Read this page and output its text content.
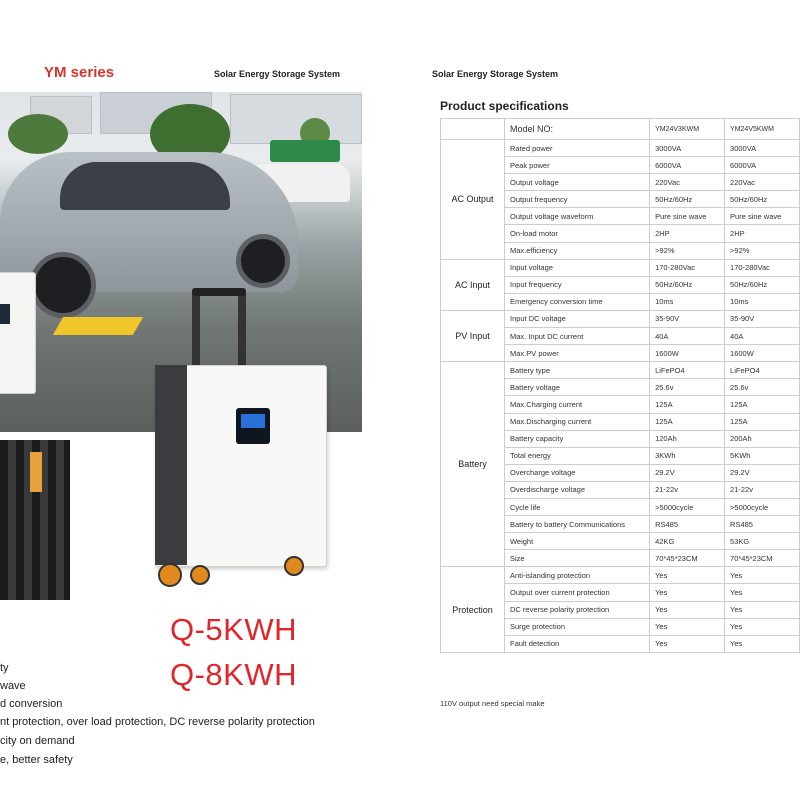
YM series	Solar Energy Storage System
Q-5KWH
Q-8KWH
ty
wave
d conversion
nt protection, over load protection, DC reverse polarity protection
city on demand
e, better safety
Solar Energy Storage System
Product specifications
	Model NO:	YM24V3KWM	YM24V5KWM
AC Output	Rated power	3000VA	3000VA
	Peak power	6000VA	6000VA
	Output voltage	220Vac	220Vac
	Output frequency	50Hz/60Hz	50Hz/60Hz
	Output voltage waveform	Pure sine wave	Pure sine wave
	On-load motor	2HP	2HP
	Max.efficiency	>92%	>92%
AC Input	Input voltage	170-280Vac	170-280Vac
	Input frequency	50Hz/60Hz	50Hz/60Hz
	Emergency conversion time	10ms	10ms
PV Input	Input DC voltage	35-90V	35-90V
	Max. Input DC current	40A	40A
	Max.PV power	1600W	1600W
Battery	Battery type	LiFePO4	LiFePO4
	Battery voltage	25.6v	25.6v
	Max.Charging current	125A	125A
	Max.Discharging current	125A	125A
	Battery capacity	120Ah	200Ah
	Total energy	3KWh	5KWh
	Overcharge voltage	29.2V	29.2V
	Overdischarge voltage	21-22v	21-22v
	Cycle life	>5000cycle	>5000cycle
	Battery to battery Communications	RS485	RS485
	Weight	42KG	53KG
	Size	70*45*23CM	70*45*23CM
Protection	Anti-islanding protection	Yes	Yes
	Output over current protection	Yes	Yes
	DC reverse polarity protection	Yes	Yes
	Surge protection	Yes	Yes
	Fault detection	Yes	Yes
110V output need special make
